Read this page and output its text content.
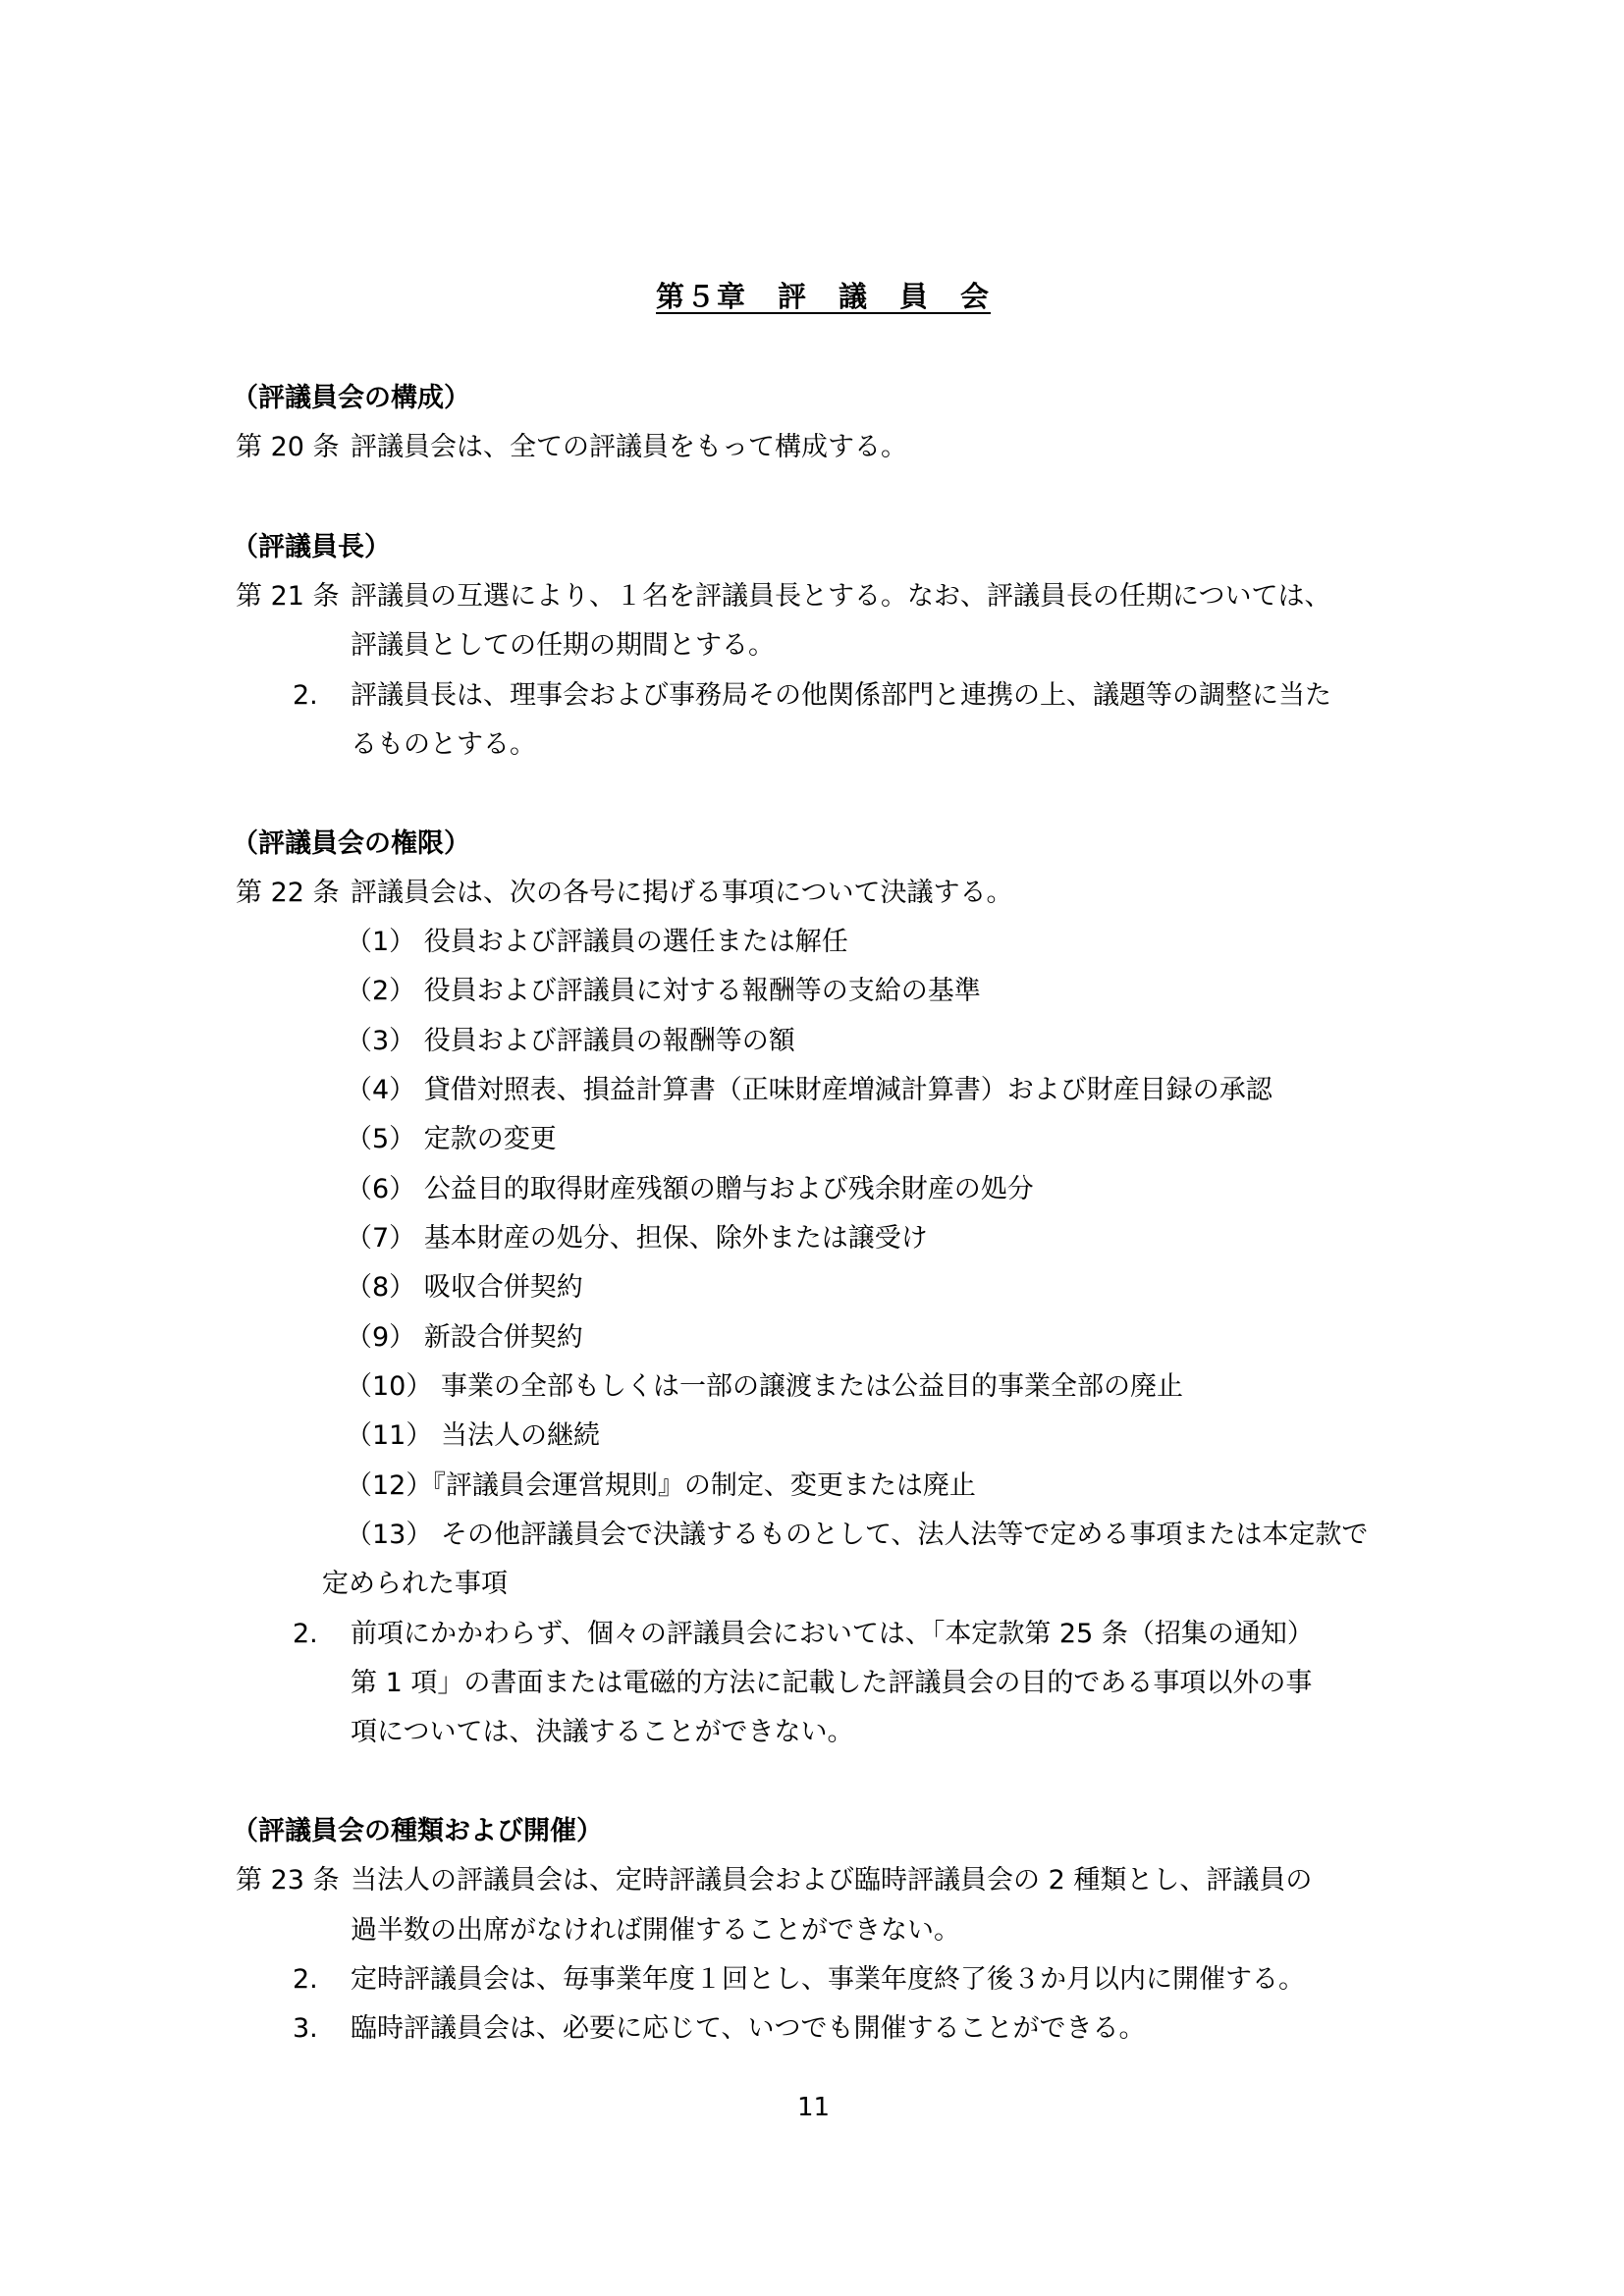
第５章　評　議　員　会
（評議員会の構成）
第 20 条 評議員会は、全ての評議員をもって構成する。
（評議員長）
第 21 条 評議員の互選により、１名を評議員長とする。なお、評議員長の任期については、
評議員としての任期の期間とする。
2. 評議員長は、理事会および事務局その他関係部門と連携の上、議題等の調整に当た
るものとする。
（評議員会の権限）
第 22 条 評議員会は、次の各号に掲げる事項について決議する。
（1） 役員および評議員の選任または解任
（2） 役員および評議員に対する報酬等の支給の基準
（3） 役員および評議員の報酬等の額
（4） 貸借対照表、損益計算書（正味財産増減計算書）および財産目録の承認
（5） 定款の変更
（6） 公益目的取得財産残額の贈与および残余財産の処分
（7） 基本財産の処分、担保、除外または譲受け
（8） 吸収合併契約
（9） 新設合併契約
（10） 事業の全部もしくは一部の譲渡または公益目的事業全部の廃止
（11） 当法人の継続
（12）『評議員会運営規則』の制定、変更または廃止
（13） その他評議員会で決議するものとして、法人法等で定める事項または本定款で
定められた事項
2. 前項にかかわらず、個々の評議員会においては、「本定款第 25 条（招集の通知）
第 1 項」の書面または電磁的方法に記載した評議員会の目的である事項以外の事
項については、決議することができない。
（評議員会の種類および開催）
第 23 条 当法人の評議員会は、定時評議員会および臨時評議員会の 2 種類とし、評議員の
過半数の出席がなければ開催することができない。
2. 定時評議員会は、毎事業年度１回とし、事業年度終了後３か月以内に開催する。
3. 臨時評議員会は、必要に応じて、いつでも開催することができる。
11
